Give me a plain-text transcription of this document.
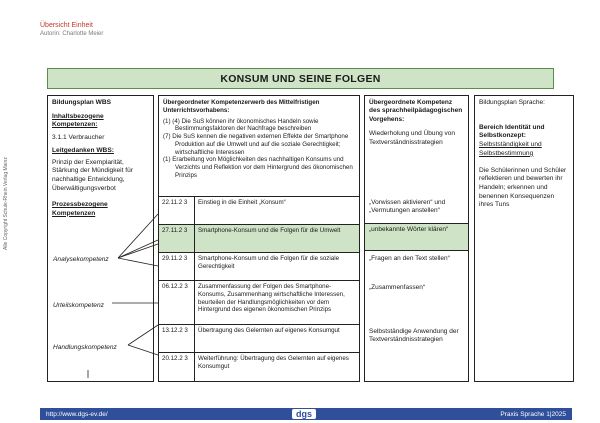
Übersicht Einheit
Autorin: Charlotte Meier
Alle Copyright Schule-Rhein Verlag Mainz
KONSUM UND SEINE FOLGEN
Bildungsplan WBS
Inhaltsbezogene Kompetenzen:
3.1.1 Verbraucher
Leitgedanken WBS:
Prinzip der Exemplarität, Stärkung der Mündigkeit für nachhaltige Entwicklung, Überwältigungsverbot
Prozessbezogene Kompetenzen
Analysekompetenz
Urteilskompetenz
Handlungskompetenz
Übergeordneter Kompetenzerwerb des Mittelfristigen Unterrichtsvorhabens:
(1) (4) Die SuS können ihr ökonomisches Handeln sowie Bestimmungsfaktoren der Nachfrage beschreiben
(7) Die SuS kennen die negativen externen Effekte der Smartphone Produktion auf die Umwelt und auf die soziale Gerechtigkeit; wirtschaftliche Interessen
(1) Erarbeitung von Möglichkeiten des nachhaltigen Konsums und Verzichts und Reflektion vor dem Hintergrund des ökonomischen Prinzips
22.11.2 3	Einstieg in die Einheit „Konsum“
27.11.2 3	Smartphone-Konsum und die Folgen für die Umwelt
29.11.2 3	Smartphone-Konsum und die Folgen für die soziale Gerechtigkeit
06.12.2 3	Zusammenfassung der Folgen des Smartphone-Konsums, Zusammenhang wirtschaftliche Interessen, beurteilen der Handlungsmöglichkeiten vor dem Hintergrund des eigenen ökonomischen Prinzips
13.12.2 3	Übertragung des Gelernten auf eigenes Konsumgut
20.12.2 3	Weiterführung: Übertragung des Gelernten auf eigenes Konsumgut
Übergeordnete Kompetenz des sprachheilpädagogischen Vorgehens:
Wiederholung und Übung von Textverständnisstrategien
„Vorwissen aktivieren“ und „Vermutungen anstellen“
„unbekannte Wörter klären“
„Fragen an den Text stellen“
„Zusammenfassen“
Selbstständige Anwendung der Textverständnisstrategien
Bildungsplan Sprache:
Bereich Identität und Selbstkonzept:
Selbstständigkeit und Selbstbestimmung
Die Schülerinnen und Schüler reflektieren und bewerten ihr Handeln; erkennen und benennen Konsequenzen ihres Tuns
http://www.dgs-ev.de/	dgs	Praxis Sprache 1|2025
